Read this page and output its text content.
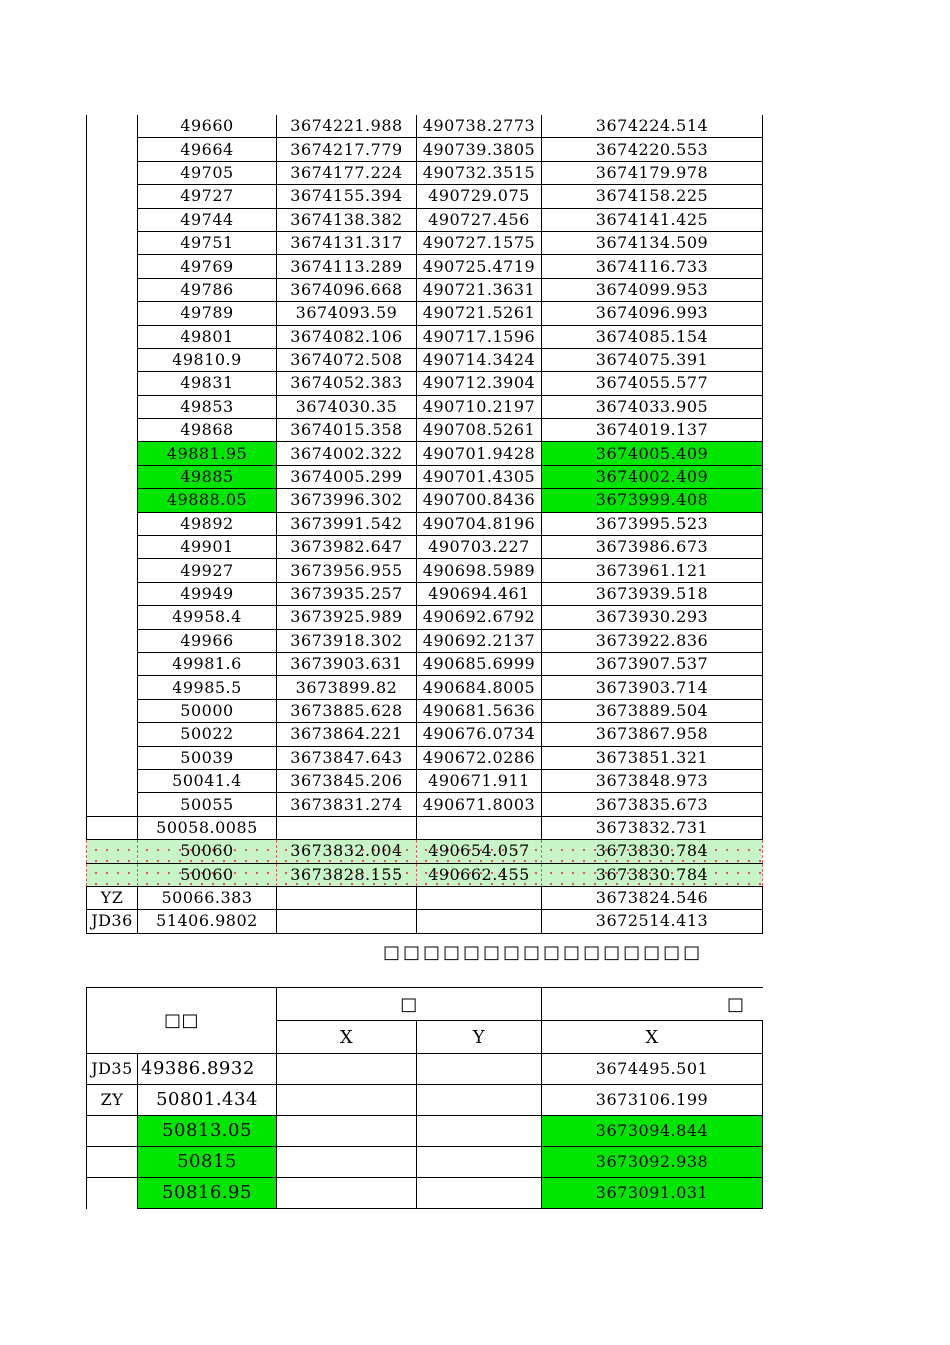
	49660	3674221.988	490738.2773	3674224.514
	49664	3674217.779	490739.3805	3674220.553
	49705	3674177.224	490732.3515	3674179.978
	49727	3674155.394	490729.075	3674158.225
	49744	3674138.382	490727.456	3674141.425
	49751	3674131.317	490727.1575	3674134.509
	49769	3674113.289	490725.4719	3674116.733
	49786	3674096.668	490721.3631	3674099.953
	49789	3674093.59	490721.5261	3674096.993
	49801	3674082.106	490717.1596	3674085.154
	49810.9	3674072.508	490714.3424	3674075.391
	49831	3674052.383	490712.3904	3674055.577
	49853	3674030.35	490710.2197	3674033.905
	49868	3674015.358	490708.5261	3674019.137
	49881.95	3674002.322	490701.9428	3674005.409
	49885	3674005.299	490701.4305	3674002.409
	49888.05	3673996.302	490700.8436	3673999.408
	49892	3673991.542	490704.8196	3673995.523
	49901	3673982.647	490703.227	3673986.673
	49927	3673956.955	490698.5989	3673961.121
	49949	3673935.257	490694.461	3673939.518
	49958.4	3673925.989	490692.6792	3673930.293
	49966	3673918.302	490692.2137	3673922.836
	49981.6	3673903.631	490685.6999	3673907.537
	49985.5	3673899.82	490684.8005	3673903.714
	50000	3673885.628	490681.5636	3673889.504
	50022	3673864.221	490676.0734	3673867.958
	50039	3673847.643	490672.0286	3673851.321
	50041.4	3673845.206	490671.911	3673848.973
	50055	3673831.274	490671.8003	3673835.673
	50058.0085			3673832.731
	50060	3673832.004	490654.057	3673830.784
	50060	3673828.155	490662.455	3673830.784
YZ	50066.383			3673824.546
JD36	51406.9802			3672514.413
□□□□□□□□□□□□□□□□
□□		□		□
		X	Y	X
JD35	49386.8932			3674495.501
ZY	50801.434			3673106.199
	50813.05			3673094.844
	50815			3673092.938
	50816.95			3673091.031
